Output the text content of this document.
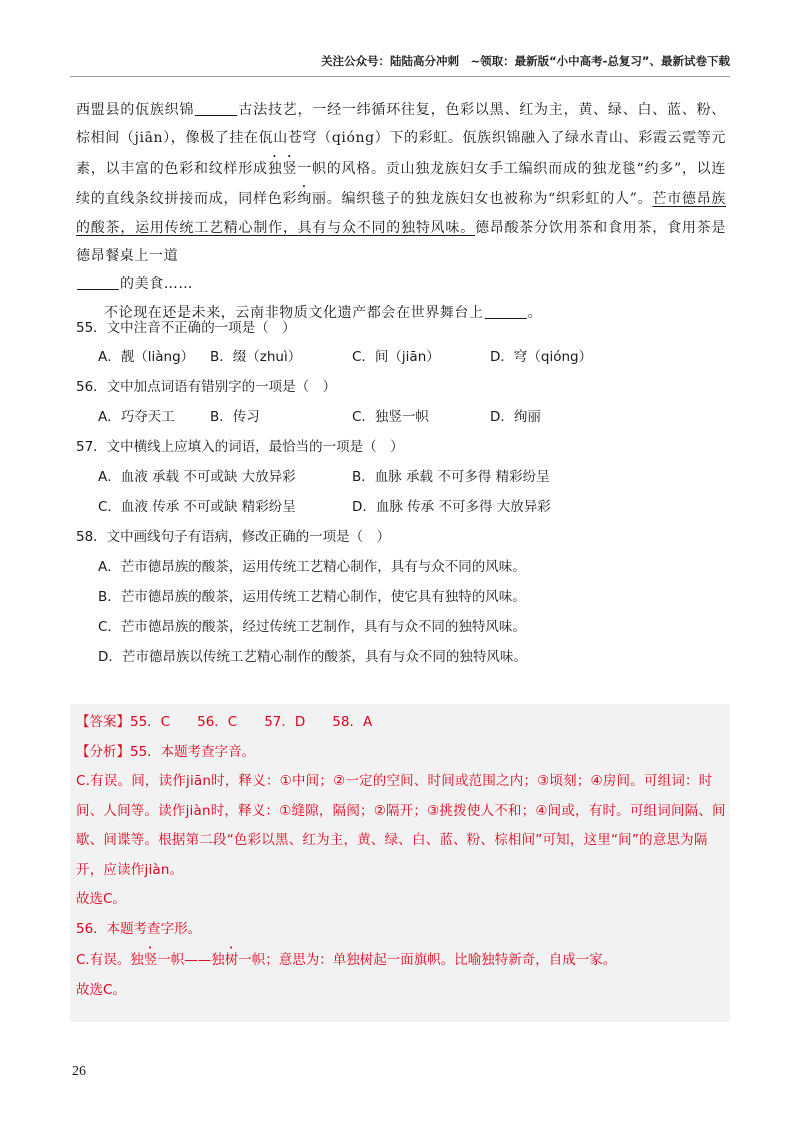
关注公众号：陆陆高分冲刺　~领取：最新版“小中高考-总复习”、最新试卷下载

西盟县的佤族织锦	古法技艺，一经一纬循环往复，色彩以黑、红为主，黄、绿、白、蓝、粉、棕相间（jiān），像极了挂在佤山苍穹（qióng）下的彩虹。佤族织锦融入了绿水青山、彩霞云霓等元素，以丰富的色彩和纹样形成独竖一帜的风格。贡山独龙族妇女手工编织而成的独龙毯“约多”，以连续的直线条纹拼接而成，同样色彩绚丽。编织毯子的独龙族妇女也被称为“织彩虹的人”。芒市德昂族的酸茶，运用传统工艺精心制作，具有与众不同的独特风味。德昂酸茶分饮用茶和食用茶，食用茶是德昂餐桌上一道
的美食……

不论现在还是未来，云南非物质文化遗产都会在世界舞台上	。

55．文中注音不正确的一项是（　）
A．靓（liàng） B．缀（zhuì）	C．间（jiān）	D．穹（qióng）
56．文中加点词语有错别字的一项是（　）
A．巧夺天工	B．传习	C．独竖一帜	D．绚丽
57．文中横线上应填入的词语，最恰当的一项是（　）
A．血液 承载 不可或缺 大放异彩	B．血脉 承载 不可多得 精彩纷呈
C．血液 传承 不可或缺 精彩纷呈	D．血脉 传承 不可多得 大放异彩
58．文中画线句子有语病，修改正确的一项是（　）
A．芒市德昂族的酸茶，运用传统工艺精心制作，具有与众不同的风味。
B．芒市德昂族的酸茶，运用传统工艺精心制作，使它具有独特的风味。
C．芒市德昂族的酸茶，经过传统工艺制作，具有与众不同的独特风味。
D．芒市德昂族以传统工艺精心制作的酸茶，具有与众不同的独特风味。

【答案】55．C　　56．C　　57．D　　58．A

【分析】55．本题考查字音。

C.有误。间，读作jiān时，释义：①中间；②一定的空间、时间或范围之内；③顷刻；④房间。可组词：时间、人间等。读作jiàn时，释义：①缝隙，隔阂；②隔开；③挑拨使人不和；④间或，有时。可组词间隔、间歇、间谍等。根据第二段“色彩以黑、红为主，黄、绿、白、蓝、粉、棕相间”可知，这里“间”的意思为隔开，应读作jiàn。

故选C。

56．本题考查字形。

C.有误。独竖一帜——独树一帜；意思为：单独树起一面旗帜。比喻独特新奇，自成一家。

故选C。

26
